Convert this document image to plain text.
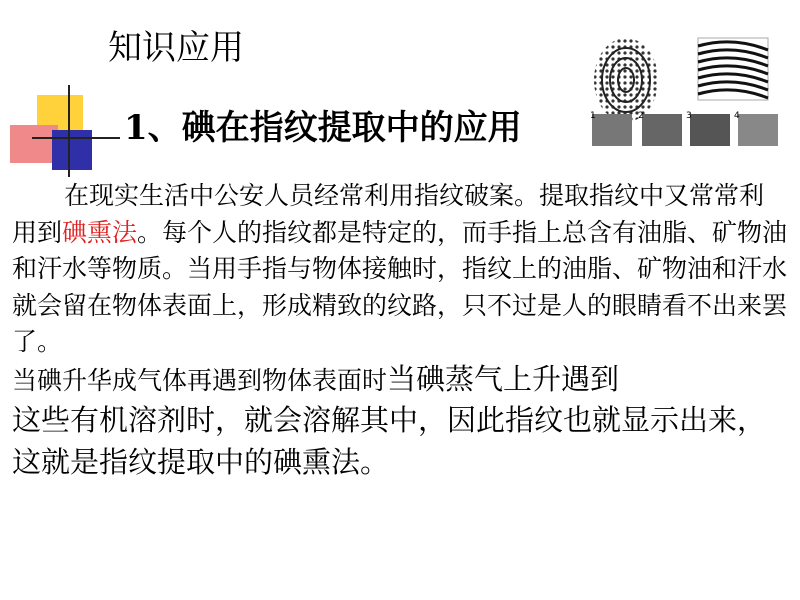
知识应用
1、碘在指纹提取中的应用	1	2	3	4
在现实生活中公安人员经常利用指纹破案。提取指纹中又常常利用到碘熏法。每个人的指纹都是特定的，而手指上总含有油脂、矿物油和汗水等物质。当用手指与物体接触时，指纹上的油脂、矿物油和汗水就会留在物体表面上，形成精致的纹路，只不过是人的眼睛看不出来罢了。
当碘升华成气体再遇到物体表面时当碘蒸气上升遇到
这些有机溶剂时，就会溶解其中，因此指纹也就显示出来，这就是指纹提取中的碘熏法。
